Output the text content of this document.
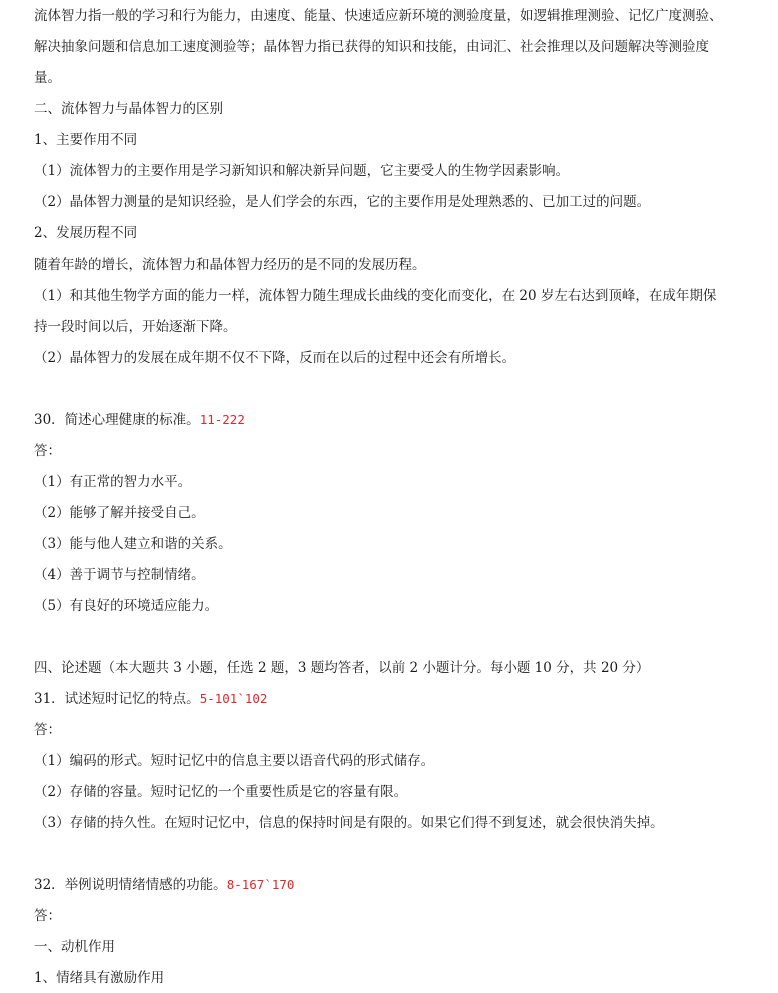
流体智力指一般的学习和行为能力，由速度、能量、快速适应新环境的测验度量，如逻辑推理测验、记忆广度测验、
解决抽象问题和信息加工速度测验等；晶体智力指已获得的知识和技能，由词汇、社会推理以及问题解决等测验度
量。
二、流体智力与晶体智力的区别
1、主要作用不同
（1）流体智力的主要作用是学习新知识和解决新异问题，它主要受人的生物学因素影响。
（2）晶体智力测量的是知识经验，是人们学会的东西，它的主要作用是处理熟悉的、已加工过的问题。
2、发展历程不同
随着年龄的增长，流体智力和晶体智力经历的是不同的发展历程。
（1）和其他生物学方面的能力一样，流体智力随生理成长曲线的变化而变化，在 20 岁左右达到顶峰，在成年期保
持一段时间以后，开始逐渐下降。
（2）晶体智力的发展在成年期不仅不下降，反而在以后的过程中还会有所增长。
30．简述心理健康的标准。11-222
答：
（1）有正常的智力水平。
（2）能够了解并接受自己。
（3）能与他人建立和谐的关系。
（4）善于调节与控制情绪。
（5）有良好的环境适应能力。
四、论述题（本大题共 3 小题，任选 2 题，3 题均答者，以前 2 小题计分。每小题 10 分，共 20 分）
31．试述短时记忆的特点。5-101`102
答：
（1）编码的形式。短时记忆中的信息主要以语音代码的形式储存。
（2）存储的容量。短时记忆的一个重要性质是它的容量有限。
（3）存储的持久性。在短时记忆中，信息的保持时间是有限的。如果它们得不到复述，就会很快消失掉。
32．举例说明情绪情感的功能。8-167`170
答：
一、动机作用
1、情绪具有激励作用
